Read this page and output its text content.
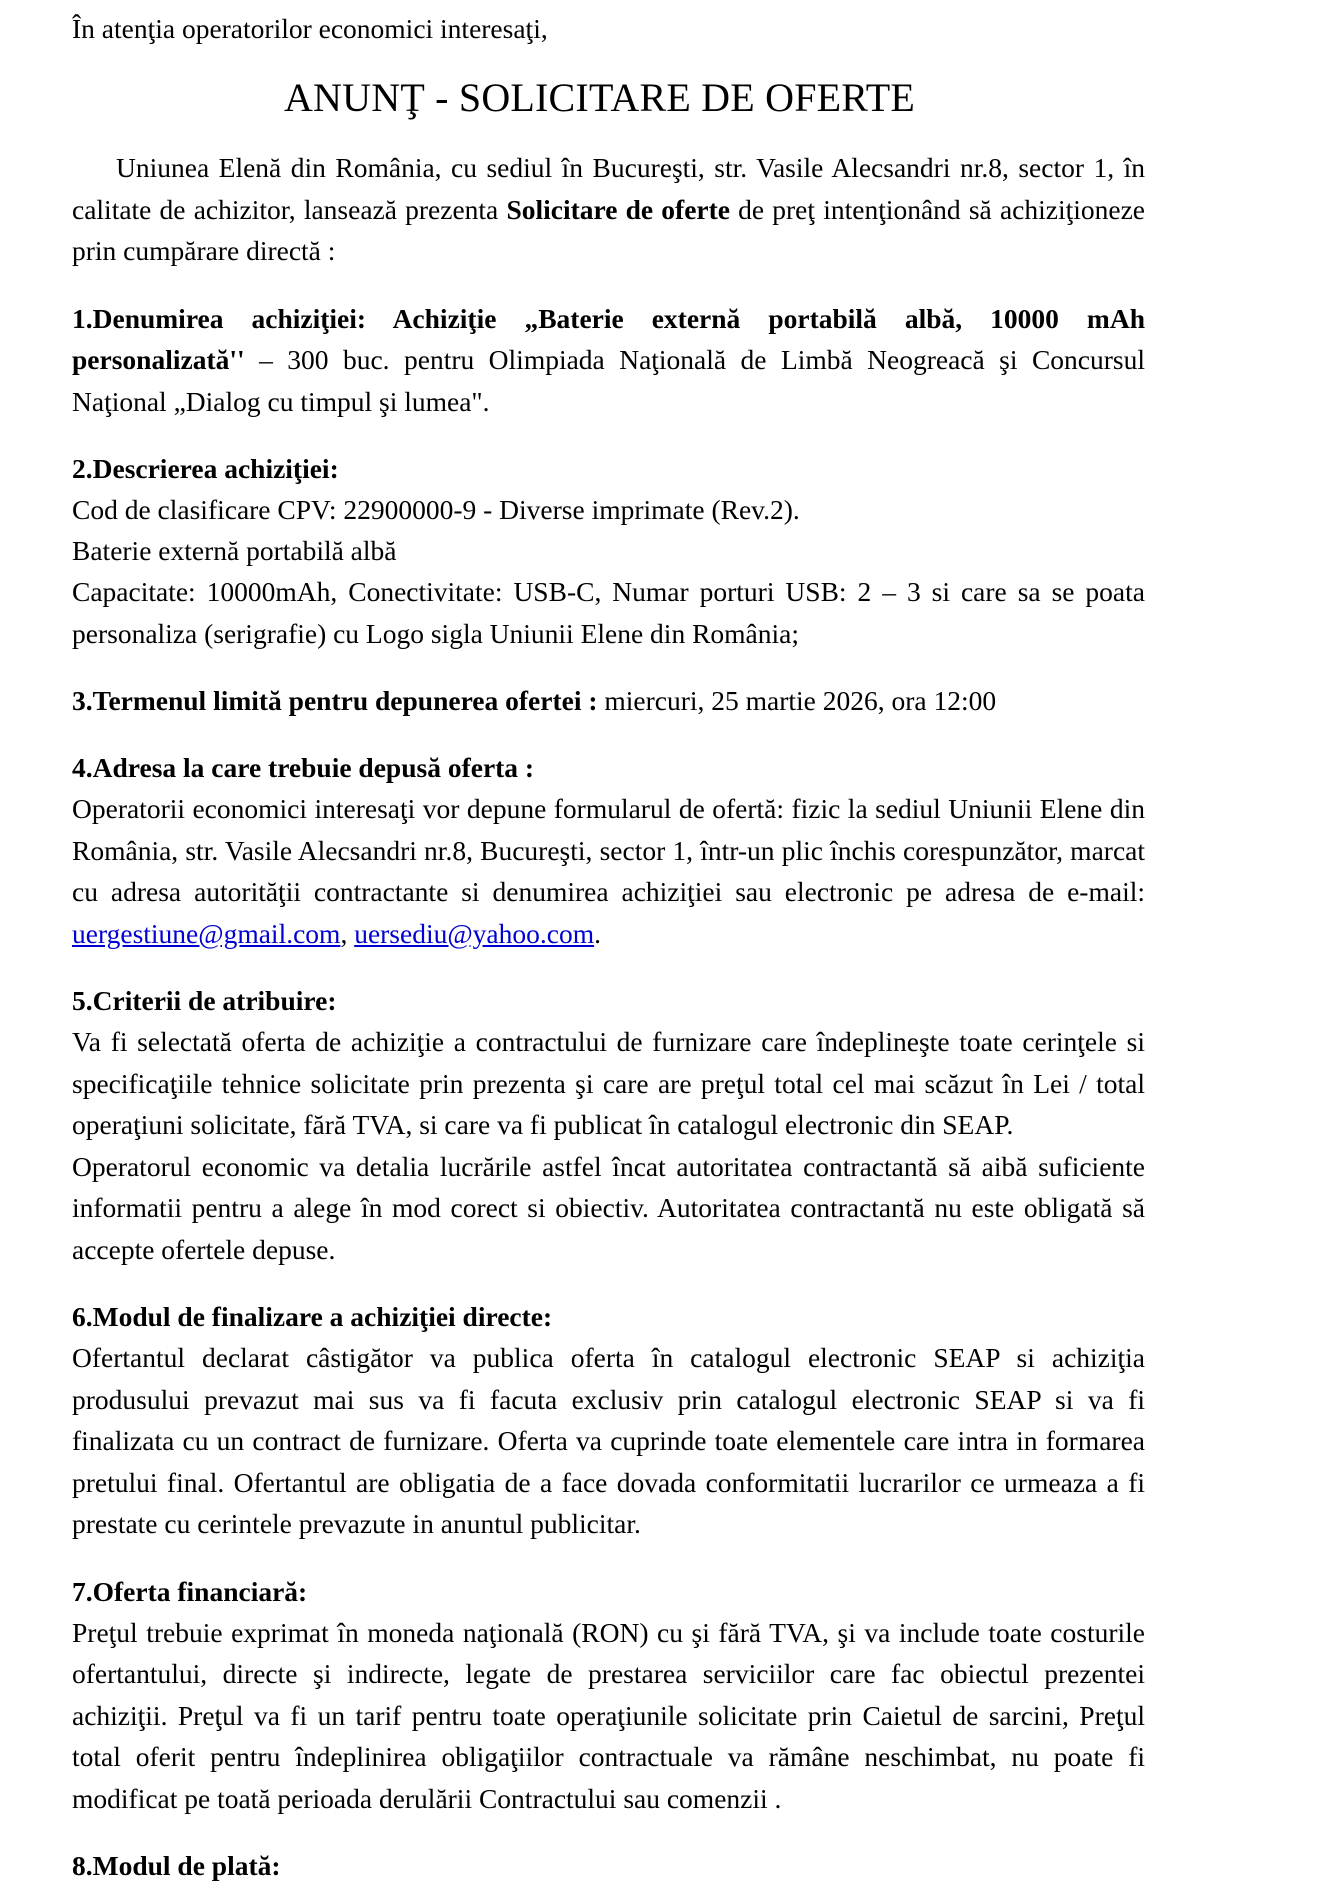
În atenţia operatorilor economici interesaţi,

ANUNŢ - SOLICITARE DE OFERTE

Uniunea Elenă din România, cu sediul în Bucureşti, str. Vasile Alecsandri nr.8, sector 1, în calitate de achizitor, lansează prezenta Solicitare de oferte de preţ intenţionând să achiziţioneze prin cumpărare directă :

1.Denumirea achiziţiei: Achiziţie „Baterie externă portabilă albă, 10000 mAh personalizată'' – 300 buc. pentru Olimpiada Naţională de Limbă Neogreacă şi Concursul Naţional „Dialog cu timpul şi lumea".

2.Descrierea achiziţiei:

Cod de clasificare CPV: 22900000-9 - Diverse imprimate (Rev.2).

Baterie externă portabilă albă

Capacitate: 10000mAh, Conectivitate: USB-C, Numar porturi USB: 2 – 3 si care sa se poata personaliza (serigrafie) cu Logo sigla Uniunii Elene din România;

3.Termenul limită pentru depunerea ofertei : miercuri, 25 martie 2026, ora 12:00

4.Adresa la care trebuie depusă oferta :

Operatorii economici interesaţi vor depune formularul de ofertă: fizic la sediul Uniunii Elene din România, str. Vasile Alecsandri nr.8, Bucureşti, sector 1, într-un plic închis corespunzător, marcat cu adresa autorităţii contractante si denumirea achiziţiei sau electronic pe adresa de e-mail: uergestiune@gmail.com, uersediu@yahoo.com.

5.Criterii de atribuire:

Va fi selectată oferta de achiziţie a contractului de furnizare care îndeplineşte toate cerinţele si specificaţiile tehnice solicitate prin prezenta şi care are preţul total cel mai scăzut în Lei / total operaţiuni solicitate, fără TVA, si care va fi publicat în catalogul electronic din SEAP.

Operatorul economic va detalia lucrările astfel încat autoritatea contractantă să aibă suficiente informatii pentru a alege în mod corect si obiectiv. Autoritatea contractantă nu este obligată să accepte ofertele depuse.

6.Modul de finalizare a achiziţiei directe:

Ofertantul declarat câstigător va publica oferta în catalogul electronic SEAP si achiziţia produsului prevazut mai sus va fi facuta exclusiv prin catalogul electronic SEAP si va fi finalizata cu un contract de furnizare. Oferta va cuprinde toate elementele care intra in formarea pretului final. Ofertantul are obligatia de a face dovada conformitatii lucrarilor ce urmeaza a fi prestate cu cerintele prevazute in anuntul publicitar.

7.Oferta financiară:

Preţul trebuie exprimat în moneda naţională (RON) cu şi fără TVA, şi va include toate costurile ofertantului, directe şi indirecte, legate de prestarea serviciilor care fac obiectul prezentei achiziţii. Preţul va fi un tarif pentru toate operaţiunile solicitate prin Caietul de sarcini, Preţul total oferit pentru îndeplinirea obligaţiilor contractuale va rămâne neschimbat, nu poate fi modificat pe toată perioada derulării Contractului sau comenzii .

8.Modul de plată:
